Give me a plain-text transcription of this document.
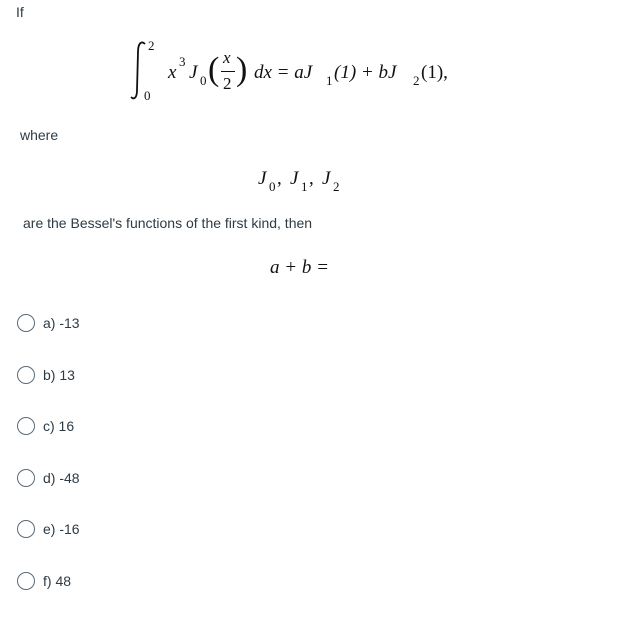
If
2
0
x
3
J 0 ( x
2 ) dx = aJ 1 (1) + bJ 2 (1),
where
J 0 , J 1 , J 2
are the Bessel's functions of the first kind, then
a + b =
a) -13
b) 13
c) 16
d) -48
e) -16
f) 48
